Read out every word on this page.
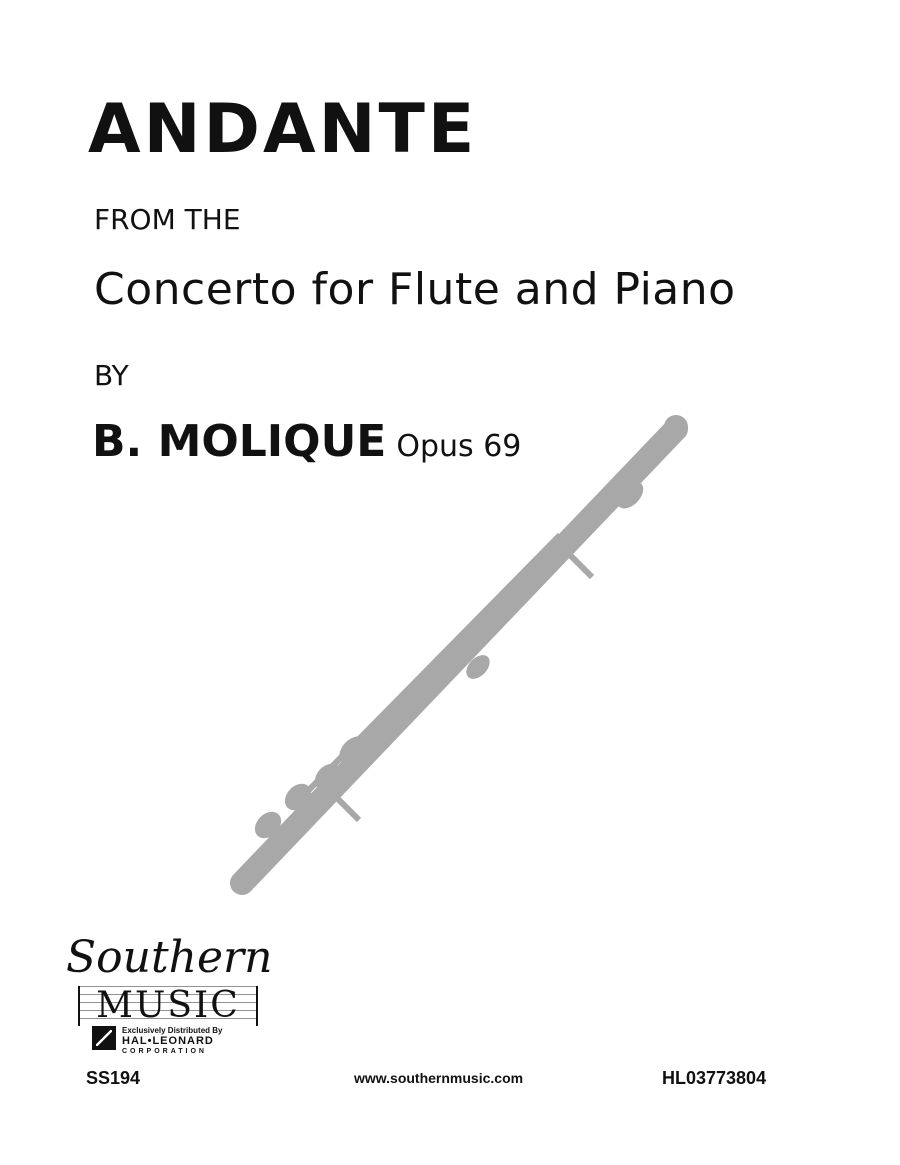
ANDANTE
FROM THE
Concerto for Flute and Piano
BY
B. MOLIQUE Opus 69
Southern
MUSIC
Exclusively Distributed By
HAL•LEONARD
CORPORATION
SS194	www.southernmusic.com	HL03773804
